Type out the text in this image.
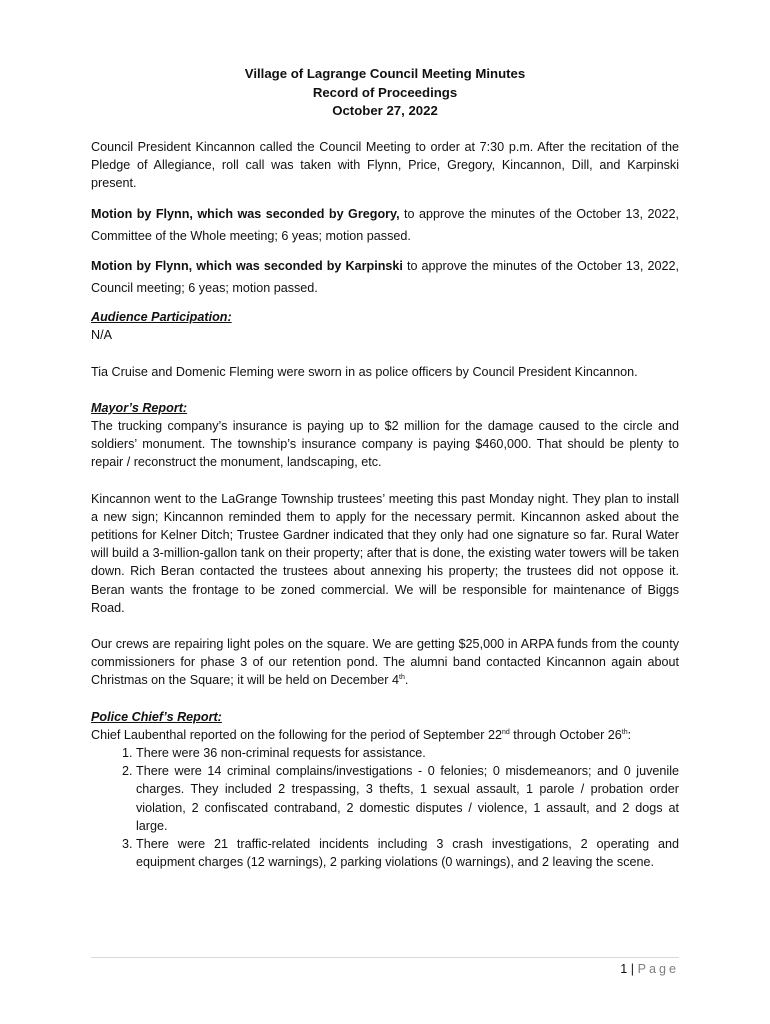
Village of Lagrange Council Meeting Minutes
Record of Proceedings
October 27, 2022

Council President Kincannon called the Council Meeting to order at 7:30 p.m. After the recitation of the Pledge of Allegiance, roll call was taken with Flynn, Price, Gregory, Kincannon, Dill, and Karpinski present.

Motion by Flynn, which was seconded by Gregory, to approve the minutes of the October 13, 2022, Committee of the Whole meeting; 6 yeas; motion passed.

Motion by Flynn, which was seconded by Karpinski to approve the minutes of the October 13, 2022, Council meeting; 6 yeas; motion passed.

Audience Participation:

N/A

Tia Cruise and Domenic Fleming were sworn in as police officers by Council President Kincannon.

Mayor’s Report:

The trucking company’s insurance is paying up to $2 million for the damage caused to the circle and soldiers’ monument. The township’s insurance company is paying $460,000. That should be plenty to repair / reconstruct the monument, landscaping, etc.

Kincannon went to the LaGrange Township trustees’ meeting this past Monday night. They plan to install a new sign; Kincannon reminded them to apply for the necessary permit. Kincannon asked about the petitions for Kelner Ditch; Trustee Gardner indicated that they only had one signature so far. Rural Water will build a 3-million-gallon tank on their property; after that is done, the existing water towers will be taken down. Rich Beran contacted the trustees about annexing his property; the trustees did not oppose it. Beran wants the frontage to be zoned commercial. We will be responsible for maintenance of Biggs Road.

Our crews are repairing light poles on the square. We are getting $25,000 in ARPA funds from the county commissioners for phase 3 of our retention pond. The alumni band contacted Kincannon again about Christmas on the Square; it will be held on December 4th.

Police Chief’s Report:

Chief Laubenthal reported on the following for the period of September 22nd through October 26th:

1. There were 36 non-criminal requests for assistance.
2. There were 14 criminal complains/investigations - 0 felonies; 0 misdemeanors; and 0 juvenile charges. They included 2 trespassing, 3 thefts, 1 sexual assault, 1 parole / probation order violation, 2 confiscated contraband, 2 domestic disputes / violence, 1 assault, and 2 dogs at large.
3. There were 21 traffic-related incidents including 3 crash investigations, 2 operating and equipment charges (12 warnings), 2 parking violations (0 warnings), and 2 leaving the scene.
1 | Page
